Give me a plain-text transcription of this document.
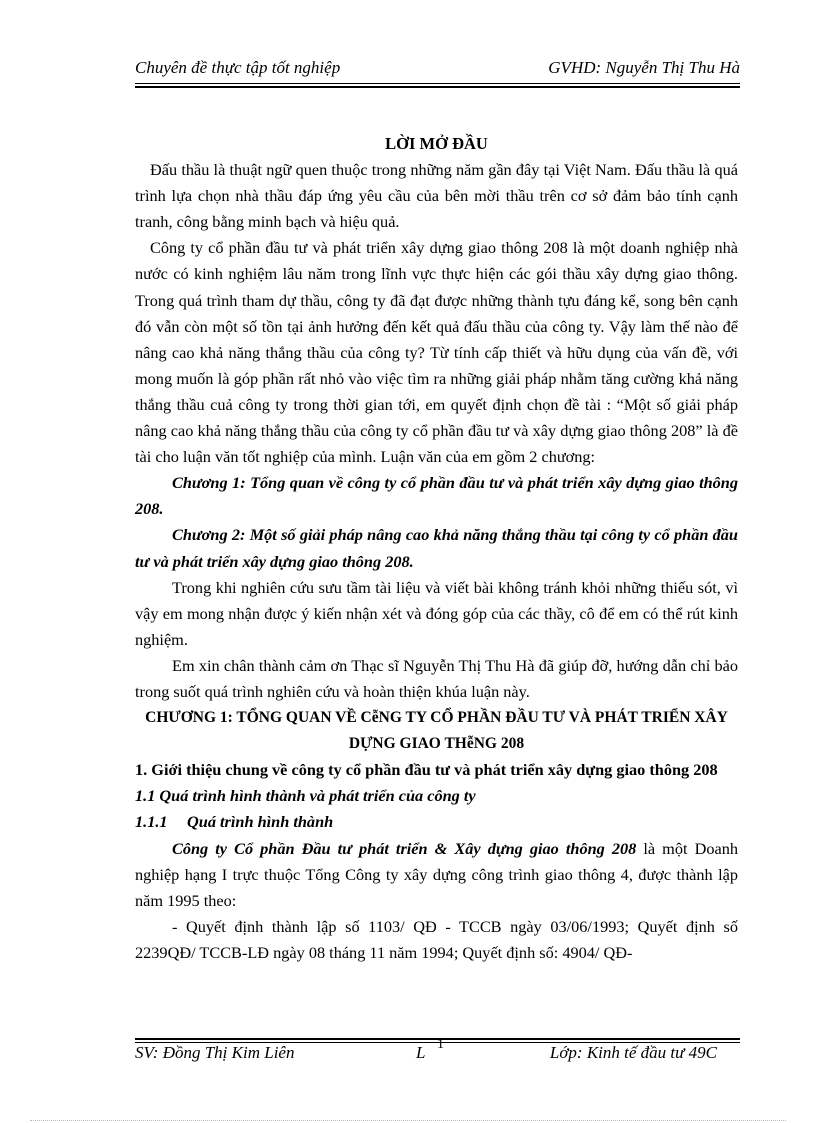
Chuyên đề thực tập tốt nghiệp	GVHD: Nguyễn Thị Thu Hà

LỜI MỞ ĐẦU

Đấu thầu là thuật ngữ quen thuộc trong những năm gần đây tại Việt Nam. Đấu thầu là quá trình lựa chọn nhà thầu đáp ứng yêu cầu của bên mời thầu trên cơ sở đảm bảo tính cạnh tranh, công bằng minh bạch và hiệu quả.

Công ty cổ phần đầu tư và phát triển xây dựng giao thông 208 là một doanh nghiệp nhà nước có kinh nghiệm lâu năm trong lĩnh vực thực hiện các gói thầu xây dựng giao thông. Trong quá trình tham dự thầu, công ty đã đạt được những thành tựu đáng kể, song bên cạnh đó vẫn còn một số tồn tại ảnh hưởng đến kết quả đấu thầu của công ty. Vậy làm thế nào để nâng cao khả năng thắng thầu của công ty? Từ tính cấp thiết và hữu dụng của vấn đề, với mong muốn là góp phần rất nhỏ vào việc tìm ra những giải pháp nhằm tăng cường khả năng thắng thầu cuả công ty trong thời gian tới, em quyết định chọn đề tài : “Một số giải pháp nâng cao khả năng thắng thầu của công ty cổ phần đầu tư và xây dựng giao thông 208” là đề tài cho luận văn tốt nghiệp của mình. Luận văn của em gồm 2 chương:

Chương 1: Tổng quan về công ty cổ phần đầu tư và phát triển xây dựng giao thông 208.

Chương 2: Một số giải pháp nâng cao khả năng thắng thầu tại công ty cổ phần đầu tư và phát triển xây dựng giao thông 208.

Trong khi nghiên cứu sưu tầm tài liệu và viết bài không tránh khỏi những thiếu sót, vì vậy em mong nhận được ý kiến nhận xét và đóng góp của các thầy, cô để em có thể rút kinh nghiệm.

Em xin chân thành cảm ơn Thạc sĩ Nguyễn Thị Thu Hà đã giúp đỡ, hướng dẫn chỉ bảo trong suốt quá trình nghiên cứu và hoàn thiện khúa luận này.

CHƯƠNG 1: TỔNG QUAN VỀ CễNG TY CỔ PHẦN ĐẦU TƯ VÀ PHÁT TRIỂN XÂY DỰNG GIAO THễNG 208

1. Giới thiệu chung về công ty cổ phần đầu tư và phát triển xây dựng giao thông 208

1.1 Quá trình hình thành và phát triển của công ty

1.1.1 Quá trình hình thành

Công ty Cổ phần Đầu tư phát triển & Xây dựng giao thông 208 là một Doanh nghiệp hạng I trực thuộc Tổng Công ty xây dựng công trình giao thông 4, được thành lập năm 1995 theo:

- Quyết định thành lập số 1103/ QĐ - TCCB ngày 03/06/1993; Quyết định số 2239QĐ/ TCCB-LĐ ngày 08 tháng 11 năm 1994; Quyết định số: 4904/ QĐ-

SV: Đồng Thị Kim Liên	L 1	Lớp: Kinh tế đầu tư 49C
